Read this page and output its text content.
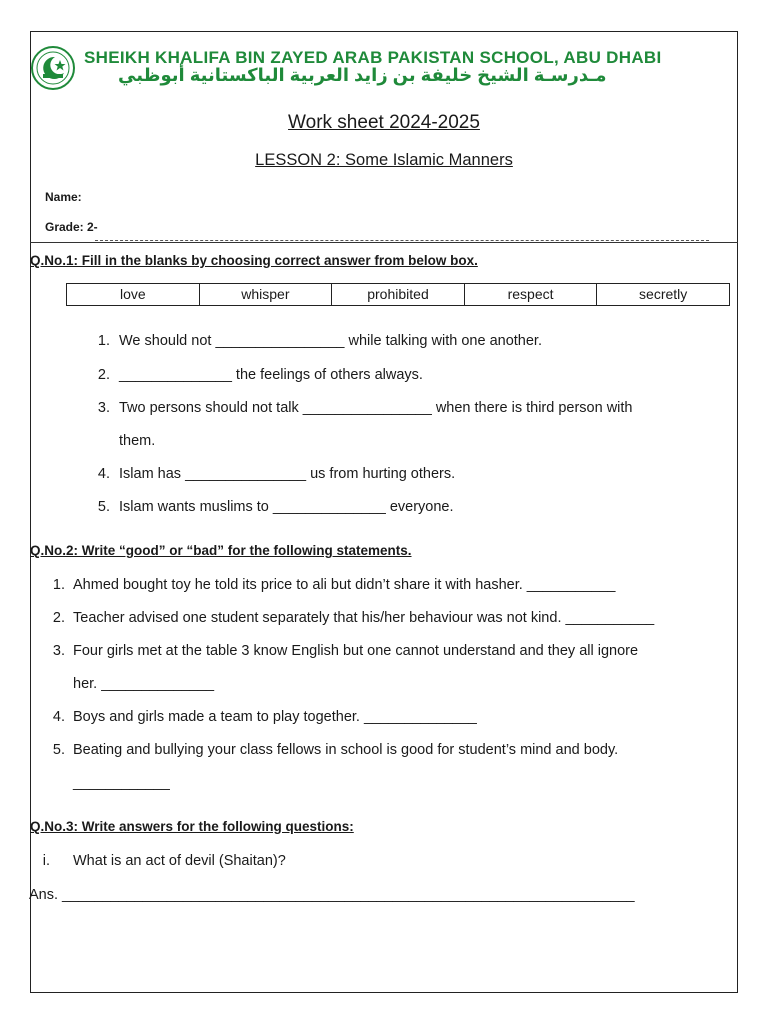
SHEIKH KHALIFA BIN ZAYED ARAB PAKISTAN SCHOOL, ABU DHABI
مـدرسـة الشيخ خليفة بن زايد العربية الباكستانية أبوظبي
Work sheet 2024-2025
LESSON 2: Some Islamic Manners
Name:
Grade: 2-
Q.No.1: Fill in the blanks by choosing correct answer from below box.
love	whisper	prohibited	respect	secretly
1. We should not ________________ while talking with one another.
2. ______________ the feelings of others always.
3. Two persons should not talk ________________ when there is third person with
them.
4. Islam has _______________ us from hurting others.
5. Islam wants muslims to ______________ everyone.
Q.No.2: Write “good” or “bad” for the following statements.
1. Ahmed bought toy he told its price to ali but didn’t share it with hasher. ___________
2. Teacher advised one student separately that his/her behaviour was not kind. ___________
3. Four girls met at the table 3 know English but one cannot understand and they all ignore
her. ______________
4. Boys and girls made a team to play together. ______________
5. Beating and bullying your class fellows in school is good for student’s mind and body.
____________
Q.No.3: Write answers for the following questions:
i. What is an act of devil (Shaitan)?
Ans. _______________________________________________________________________
